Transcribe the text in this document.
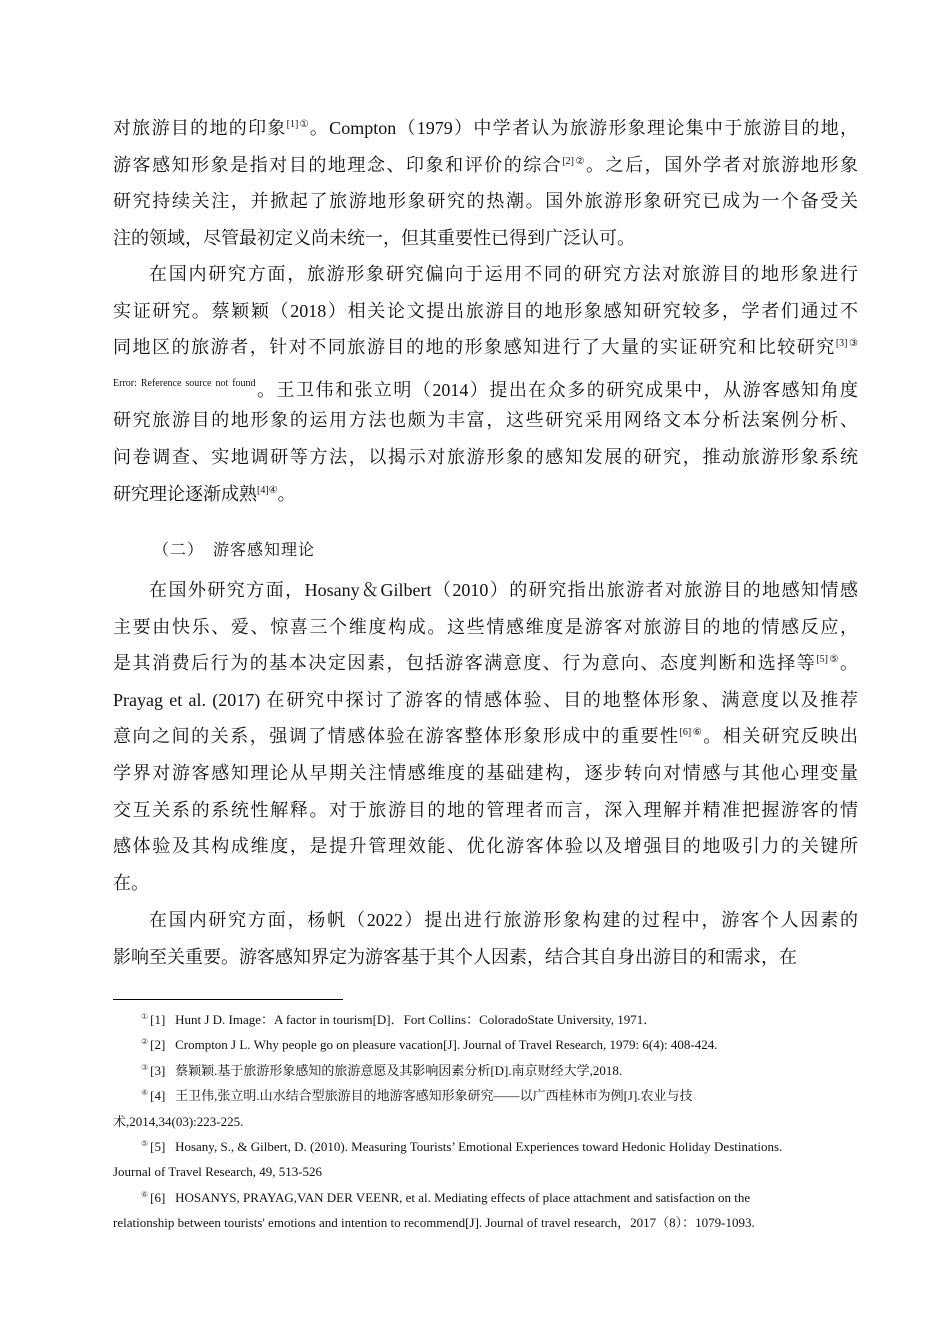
对旅游目的地的印象$^{[1]①}$。Compton（1979）中学者认为旅游形象理论集中于旅游目的地，
游客感知形象是指对目的地理念、印象和评价的综合$^{[2]②}$。之后，国外学者对旅游地形象
研究持续关注，并掀起了旅游地形象研究的热潮。国外旅游形象研究已成为一个备受关
注的领域，尽管最初定义尚未统一，但其重要性已得到广泛认可。
在国内研究方面，旅游形象研究偏向于运用不同的研究方法对旅游目的地形象进行
实证研究。蔡颖颖（2018）相关论文提出旅游目的地形象感知研究较多，学者们通过不
同地区的旅游者，针对不同旅游目的地的形象感知进行了大量的实证研究和比较研究$^{[3]③}$
$^{Error: Reference source not found}$。王卫伟和张立明（2014）提出在众多的研究成果中，从游客感知角度
研究旅游目的地形象的运用方法也颇为丰富，这些研究采用网络文本分析法案例分析、
问卷调查、实地调研等方法，以揭示对旅游形象的感知发展的研究，推动旅游形象系统
研究理论逐渐成熟$^{[4]④}$。
（二）　游客感知理论
在国外研究方面，Hosany＆Gilbert（2010）的研究指出旅游者对旅游目的地感知情感
主要由快乐、爱、惊喜三个维度构成。这些情感维度是游客对旅游目的地的情感反应，
是其消费后行为的基本决定因素，包括游客满意度、行为意向、态度判断和选择等$^{[5]⑤}$。
Prayag et al. (2017) 在研究中探讨了游客的情感体验、目的地整体形象、满意度以及推荐
意向之间的关系，强调了情感体验在游客整体形象形成中的重要性$^{[6]⑥}$。相关研究反映出
学界对游客感知理论从早期关注情感维度的基础建构，逐步转向对情感与其他心理变量
交互关系的系统性解释。对于旅游目的地的管理者而言，深入理解并精准把握游客的情
感体验及其构成维度，是提升管理效能、优化游客体验以及增强目的地吸引力的关键所
在。
在国内研究方面，杨帆（2022）提出进行旅游形象构建的过程中，游客个人因素的
影响至关重要。游客感知界定为游客基于其个人因素，结合其自身出游目的和需求，在
① [1]   Hunt J D. Image：A factor in tourism[D]．Fort Collins：ColoradoState University, 1971．
② [2]   Crompton J L. Why people go on pleasure vacation[J]. Journal of Travel Research, 1979: 6(4): 408-424.
③ [3]   蔡颖颖.基于旅游形象感知的旅游意愿及其影响因素分析[D].南京财经大学,2018.
④ [4]   王卫伟,张立明.山水结合型旅游目的地游客感知形象研究——以广西桂林市为例[J].农业与技
术,2014,34(03):223-225.
⑤ [5]   Hosany, S., & Gilbert, D. (2010). Measuring Tourists’ Emotional Experiences toward Hedonic Holiday Destinations.
Journal of Travel Research, 49, 513-526
⑥ [6]   HOSANYS, PRAYAG,VAN DER VEENR, et al. Mediating effects of place attachment and satisfaction on the
relationship between tourists' emotions and intention to recommend[J]. Journal of travel research，2017（8）：1079-1093.
